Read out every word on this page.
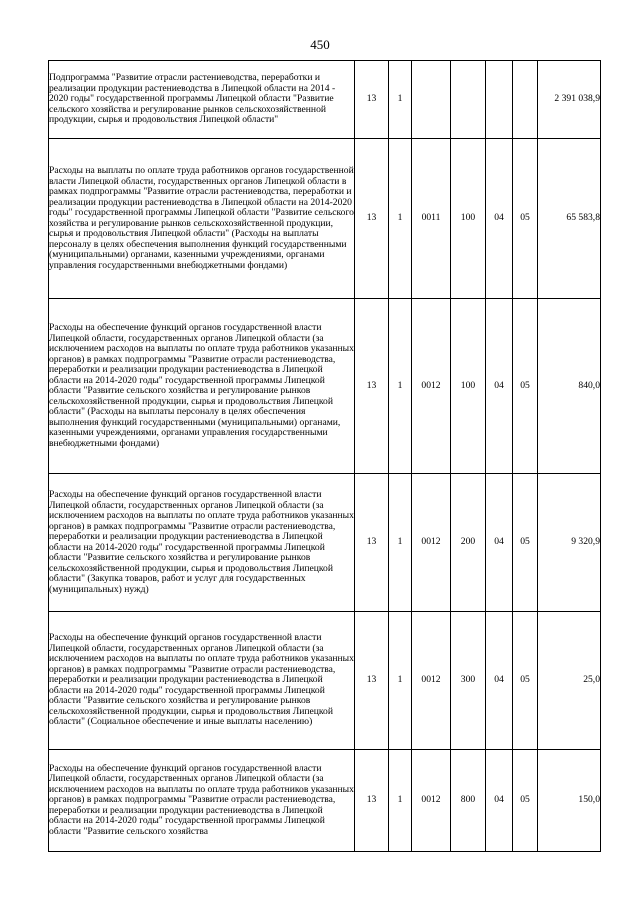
450
Подпрограмма "Развитие отрасли растениеводства, переработки и реализации продукции растениеводства в Липецкой области на 2014 - 2020 годы" государственной программы Липецкой области "Развитие сельского хозяйства и регулирование рынков сельскохозяйственной продукции, сырья и продовольствия Липецкой области"	13	1					2 391 038,9
Расходы на выплаты по оплате труда работников органов государственной власти Липецкой области, государственных органов Липецкой области в рамках подпрограммы "Развитие отрасли растениеводства, переработки и реализации продукции растениеводства в Липецкой области на 2014-2020 годы" государственной программы Липецкой области "Развитие сельского хозяйства и регулирование рынков сельскохозяйственной продукции, сырья и продовольствия Липецкой области" (Расходы на выплаты персоналу в целях обеспечения выполнения функций государственными (муниципальными) органами, казенными учреждениями, органами управления государственными внебюджетными фондами)	13	1	0011	100	04	05	65 583,8
Расходы на обеспечение функций органов государственной власти Липецкой области, государственных органов Липецкой области (за исключением расходов на выплаты по оплате труда работников указанных органов) в рамках подпрограммы "Развитие отрасли растениеводства, переработки и реализации продукции растениеводства в Липецкой области на 2014-2020 годы" государственной программы Липецкой области "Развитие сельского хозяйства и регулирование рынков сельскохозяйственной продукции, сырья и продовольствия Липецкой области" (Расходы на выплаты персоналу в целях обеспечения выполнения функций государственными (муниципальными) органами, казенными учреждениями, органами управления государственными внебюджетными фондами)	13	1	0012	100	04	05	840,0
Расходы на обеспечение функций органов государственной власти Липецкой области, государственных органов Липецкой области (за исключением расходов на выплаты по оплате труда работников указанных органов) в рамках подпрограммы "Развитие отрасли растениеводства, переработки и реализации продукции растениеводства в Липецкой области на 2014-2020 годы" государственной программы Липецкой области "Развитие сельского хозяйства и регулирование рынков сельскохозяйственной продукции, сырья и продовольствия Липецкой области" (Закупка товаров, работ и услуг для государственных (муниципальных) нужд)	13	1	0012	200	04	05	9 320,9
Расходы на обеспечение функций органов государственной власти Липецкой области, государственных органов Липецкой области (за исключением расходов на выплаты по оплате труда работников указанных органов) в рамках подпрограммы "Развитие отрасли растениеводства, переработки и реализации продукции растениеводства в Липецкой области на 2014-2020 годы" государственной программы Липецкой области "Развитие сельского хозяйства и регулирование рынков сельскохозяйственной продукции, сырья и продовольствия Липецкой области" (Социальное обеспечение и иные выплаты населению)	13	1	0012	300	04	05	25,0
Расходы на обеспечение функций органов государственной власти Липецкой области, государственных органов Липецкой области (за исключением расходов на выплаты по оплате труда работников указанных органов) в рамках подпрограммы "Развитие отрасли растениеводства, переработки и реализации продукции растениеводства в Липецкой области на 2014-2020 годы" государственной программы Липецкой области "Развитие сельского хозяйства	13	1	0012	800	04	05	150,0
